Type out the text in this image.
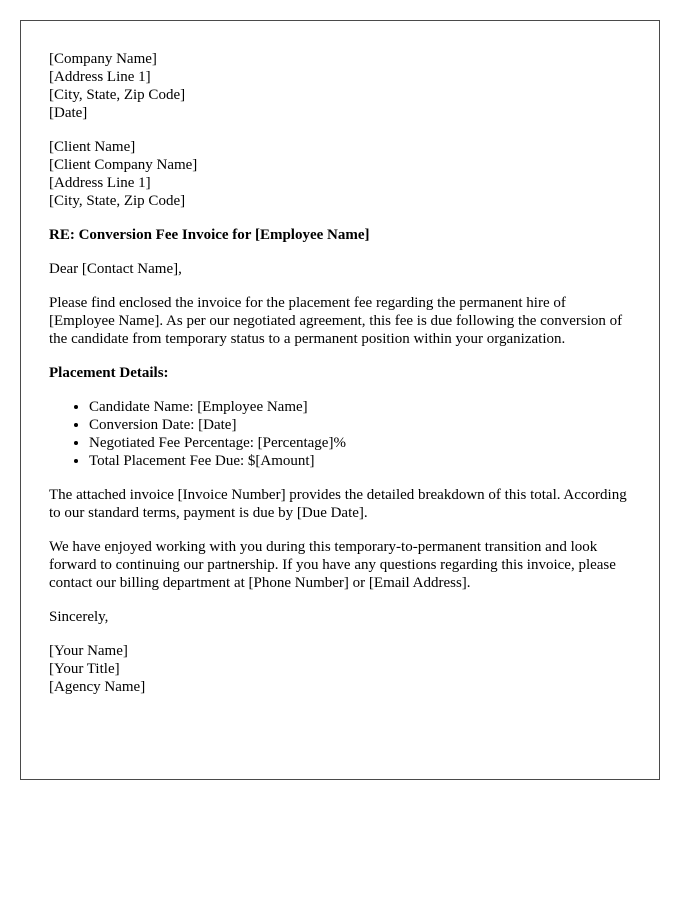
[Company Name]
[Address Line 1]
[City, State, Zip Code]
[Date]
[Client Name]
[Client Company Name]
[Address Line 1]
[City, State, Zip Code]
RE: Conversion Fee Invoice for [Employee Name]

Dear [Contact Name],

Please find enclosed the invoice for the placement fee regarding the permanent hire of [Employee Name]. As per our negotiated agreement, this fee is due following the conversion of the candidate from temporary status to a permanent position within your organization.

Placement Details:
• Candidate Name: [Employee Name]
• Conversion Date: [Date]
• Negotiated Fee Percentage: [Percentage]%
• Total Placement Fee Due: $[Amount]

The attached invoice [Invoice Number] provides the detailed breakdown of this total. According to our standard terms, payment is due by [Due Date].

We have enjoyed working with you during this temporary-to-permanent transition and look forward to continuing our partnership. If you have any questions regarding this invoice, please contact our billing department at [Phone Number] or [Email Address].

Sincerely,

[Your Name]
[Your Title]
[Agency Name]
